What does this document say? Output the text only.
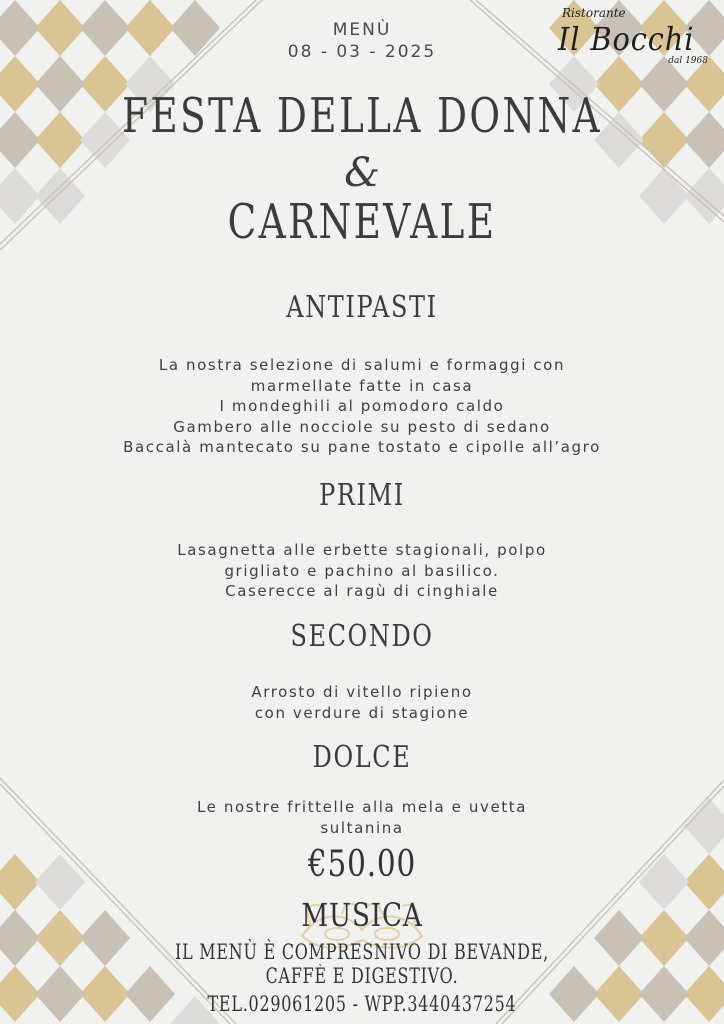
MENÙ
08 - 03 - 2025
Ristorante
Il Bocchi
dal 1968
FESTA DELLA DONNA
&
CARNEVALE
ANTIPASTI
La nostra selezione di salumi e formaggi con
marmellate fatte in casa
I mondeghili al pomodoro caldo
Gambero alle nocciole su pesto di sedano
Baccalà mantecato su pane tostato e cipolle all’agro
PRIMI
Lasagnetta alle erbette stagionali, polpo
grigliato e pachino al basilico.
Caserecce al ragù di cinghiale
SECONDO
Arrosto di vitello ripieno
con verdure di stagione
DOLCE
Le nostre frittelle alla mela e uvetta
sultanina
€50.00
MUSICA
IL MENÙ È COMPRESNIVO DI BEVANDE,
CAFFÈ E DIGESTIVO.
TEL.029061205 - WPP.3440437254
